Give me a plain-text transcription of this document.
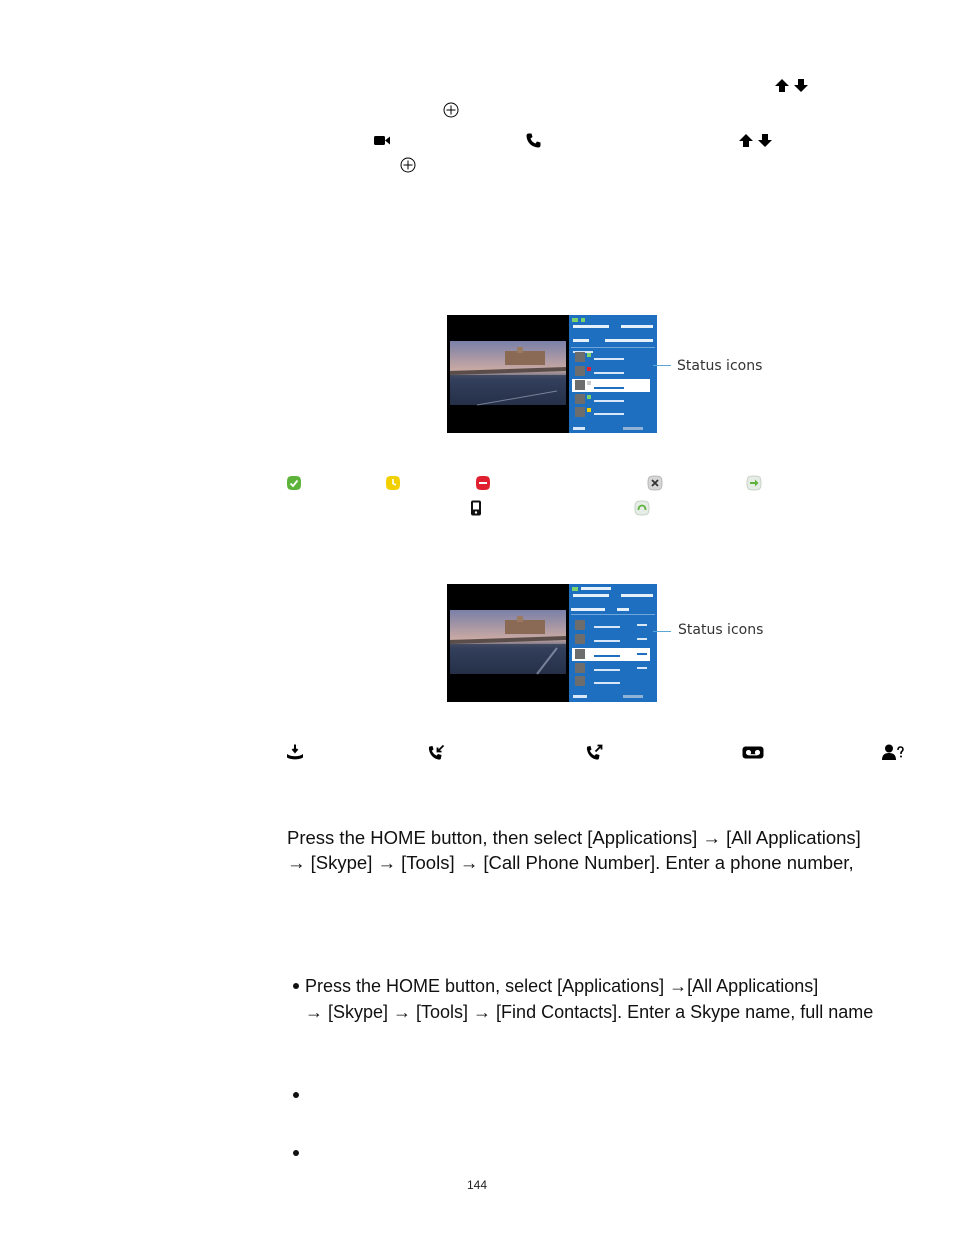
Status icons
Status icons
Press the HOME button, then select [Applications] → [All Applications]
→ [Skype] → [Tools] → [Call Phone Number]. Enter a phone number,
Press the HOME button, select [Applications] →[All Applications]
→ [Skype] → [Tools] → [Find Contacts]. Enter a Skype name, full name
144
